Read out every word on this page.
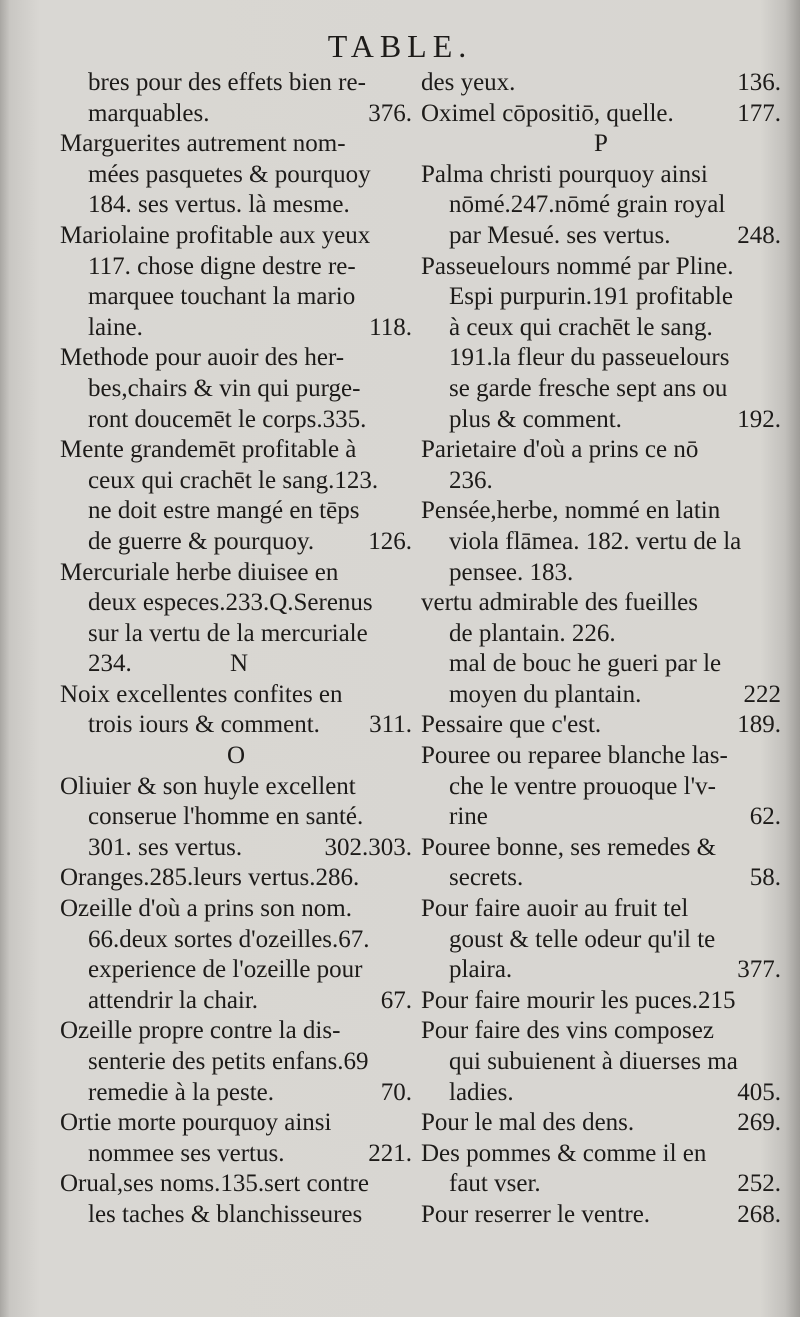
TABLE.
bres pour des effets bien re-
marquables.	376.
Marguerites autrement nom-
mées pasquetes & pourquoy
184. ses vertus. là mesme.
Mariolaine profitable aux yeux
117. chose digne destre re-
marquee touchant la mario
laine.	118.
Methode pour auoir des her-
bes,chairs & vin qui purge-
ront doucemēt le corps.335.
Mente grandemēt profitable à
ceux qui crachēt le sang.123.
ne doit estre mangé en tēps
de guerre & pourquoy. 126.
Mercuriale herbe diuisee en
deux especes.233.Q.Serenus
sur la vertu de la mercuriale
234.	N
Noix excellentes confites en
trois iours & comment. 311.
O
Oliuier & son huyle excellent
conserue l'homme en santé.
301. ses vertus.	302.303.
Oranges.285.leurs vertus.286.
Ozeille d'où a prins son nom.
66.deux sortes d'ozeilles.67.
experience de l'ozeille pour
attendrir la chair.	67.
Ozeille propre contre la dis-
senterie des petits enfans.69
remedie à la peste.	70.
Ortie morte pourquoy ainsi
nommee ses vertus.	221.
Orual,ses noms.135.sert contre
les taches & blanchisseures
des yeux.	136.
Oximel cōpositiō, quelle.	177.
P
Palma christi pourquoy ainsi
nōmé.247.nōmé grain royal
par Mesué. ses vertus.	248.
Passeuelours nommé par Pline.
Espi purpurin.191 profitable
à ceux qui crachēt le sang.
191.la fleur du passeuelours
se garde fresche sept ans ou
plus & comment.	192.
Parietaire d'où a prins ce nō
236.
Pensée,herbe, nommé en latin
viola flāmea. 182. vertu de la
pensee. 183.
vertu admirable des fueilles
de plantain. 226.
mal de bouc he gueri par le
moyen du plantain.	222
Pessaire que c'est.	189.
Pouree ou reparee blanche las-
che le ventre prouoque l'v-
rine	62.
Pouree bonne, ses remedes &
secrets.	58.
Pour faire auoir au fruit tel
goust & telle odeur qu'il te
plaira.	377.
Pour faire mourir les puces.215
Pour faire des vins composez
qui subuienent à diuerses ma
ladies.	405.
Pour le mal des dens.	269.
Des pommes & comme il en
faut vser.	252.
Pour reserrer le ventre.	268.
